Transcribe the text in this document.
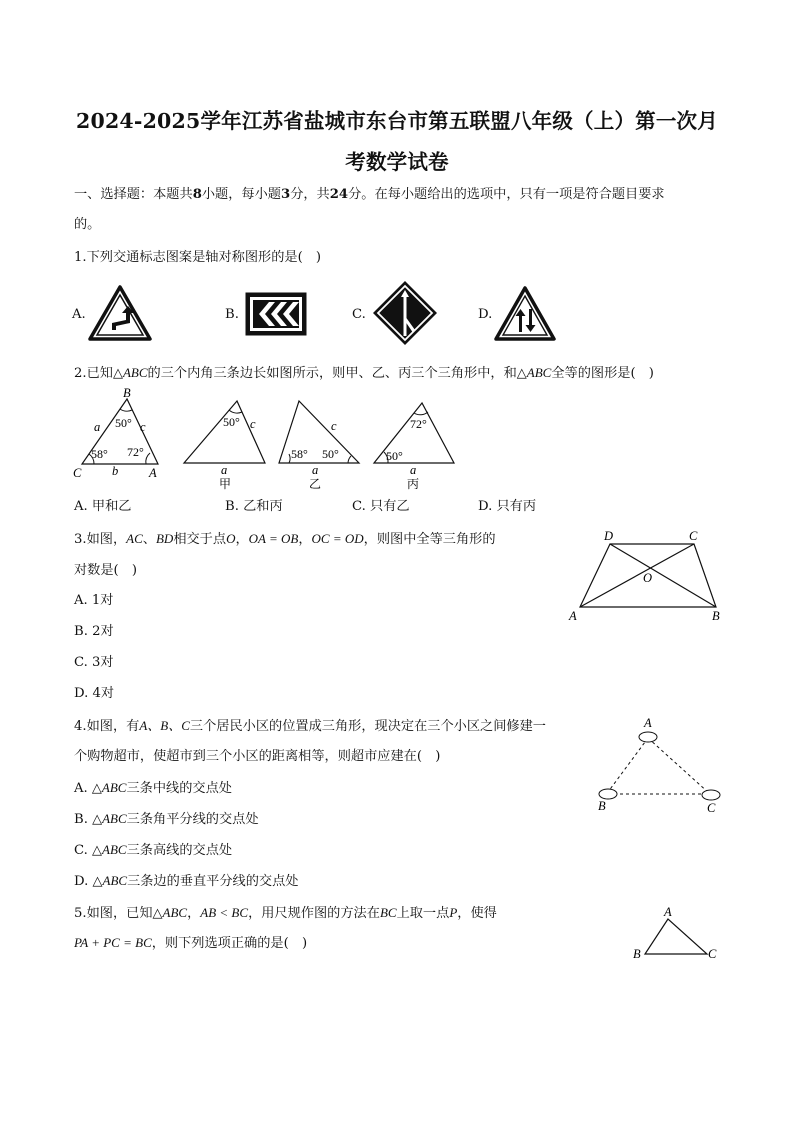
2024-2025学年江苏省盐城市东台市第五联盟八年级（上）第一次月
考数学试卷
一、选择题：本题共8小题，每小题3分，共24分。在每小题给出的选项中，只有一项是符合题目要求
的。
1.下列交通标志图案是轴对称图形的是(　)
A.	B.	C.	D.
2.已知△ABC的三个内角三条边长如图所示，则甲、乙、丙三个三角形中，和△ABC全等的图形是(　)
B
C	A
a	c
b
50°
58° 72°
50° c
a
甲
c
58° 50°
a
乙
72°
50°
a
丙
A. 甲和乙	B. 乙和丙	C. 只有乙	D. 只有丙
3.如图，AC、BD相交于点O，OA = OB，OC = OD，则图中全等三角形的
对数是(　)
A. 1对
B. 2对
C. 3对
D. 4对
D	C
O
A	B
4.如图，有A、B、C三个居民小区的位置成三角形，现决定在三个小区之间修建一
个购物超市，使超市到三个小区的距离相等，则超市应建在(　)
A. △ABC三条中线的交点处
B. △ABC三条角平分线的交点处
C. △ABC三条高线的交点处
D. △ABC三条边的垂直平分线的交点处
A
B	C
5.如图，已知△ABC，AB < BC，用尺规作图的方法在BC上取一点P，使得
PA + PC = BC，则下列选项正确的是(　)
A
B	C
